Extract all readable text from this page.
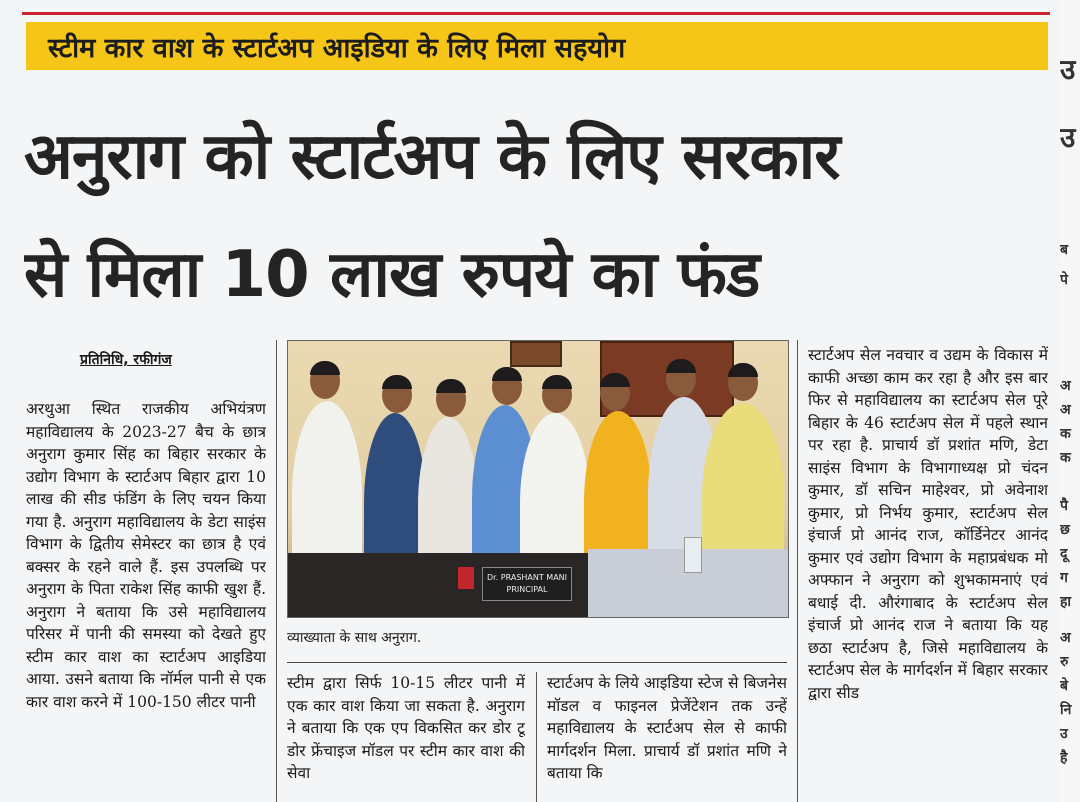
स्टीम कार वाश के स्टार्टअप आइडिया के लिए मिला सहयोग
अनुराग को स्टार्टअप के लिए सरकार
से मिला 10 लाख रुपये का फंड
प्रतिनिधि, रफीगंज
अरथुआ स्थित राजकीय अभियंत्रण महाविद्यालय के 2023-27 बैच के छात्र अनुराग कुमार सिंह का बिहार सरकार के उद्योग विभाग के स्टार्टअप बिहार द्वारा 10 लाख की सीड फंडिंग के लिए चयन किया गया है. अनुराग महाविद्यालय के डेटा साइंस विभाग के द्वितीय सेमेस्टर का छात्र है एवं बक्सर के रहने वाले हैं. इस उपलब्धि पर अनुराग के पिता राकेश सिंह काफी खुश हैं. अनुराग ने बताया कि उसे महाविद्यालय परिसर में पानी की समस्या को देखते हुए स्टीम कार वाश का स्टार्टअप आइडिया आया. उसने बताया कि नॉर्मल पानी से एक कार वाश करने में 100-150 लीटर पानी
Dr. PRASHANT MANI
PRINCIPAL
व्याख्याता के साथ अनुराग.
स्टीम द्वारा सिर्फ 10-15 लीटर पानी में एक कार वाश किया जा सकता है. अनुराग ने बताया कि एक एप विकसित कर डोर टू डोर फ्रेंचाइज मॉडल पर स्टीम कार वाश की सेवा
स्टार्टअप के लिये आइडिया स्टेज से बिजनेस मॉडल व फाइनल प्रेजेंटेशन तक उन्हें महाविद्यालय के स्टार्टअप सेल से काफी मार्गदर्शन मिला. प्राचार्य डॉ प्रशांत मणि ने बताया कि
स्टार्टअप सेल नवचार व उद्यम के विकास में काफी अच्छा काम कर रहा है और इस बार फिर से महाविद्यालय का स्टार्टअप सेल पूरे बिहार के 46 स्टार्टअप सेल में पहले स्थान पर रहा है. प्राचार्य डॉ प्रशांत मणि, डेटा साइंस विभाग के विभागाध्यक्ष प्रो चंदन कुमार, डॉ सचिन माहेश्वर, प्रो अवेनाश कुमार, प्रो निर्भय कुमार, स्टार्टअप सेल इंचार्ज प्रो आनंद राज, कॉर्डिनेटर आनंद कुमार एवं उद्योग विभाग के महाप्रबंधक मो अफ्फान ने अनुराग को शुभकामनाएं एवं बधाई दी. औरंगाबाद के स्टार्टअप सेल इंचार्ज प्रो आनंद राज ने बताया कि यह छठा स्टार्टअप है, जिसे महाविद्यालय के स्टार्टअप सेल के मार्गदर्शन में बिहार सरकार द्वारा सीड
उ
उ
ब
पे
अ
अ
क
क
पै
छ
दू
ग
हा
अ
रु
बे
नि
उ
है
